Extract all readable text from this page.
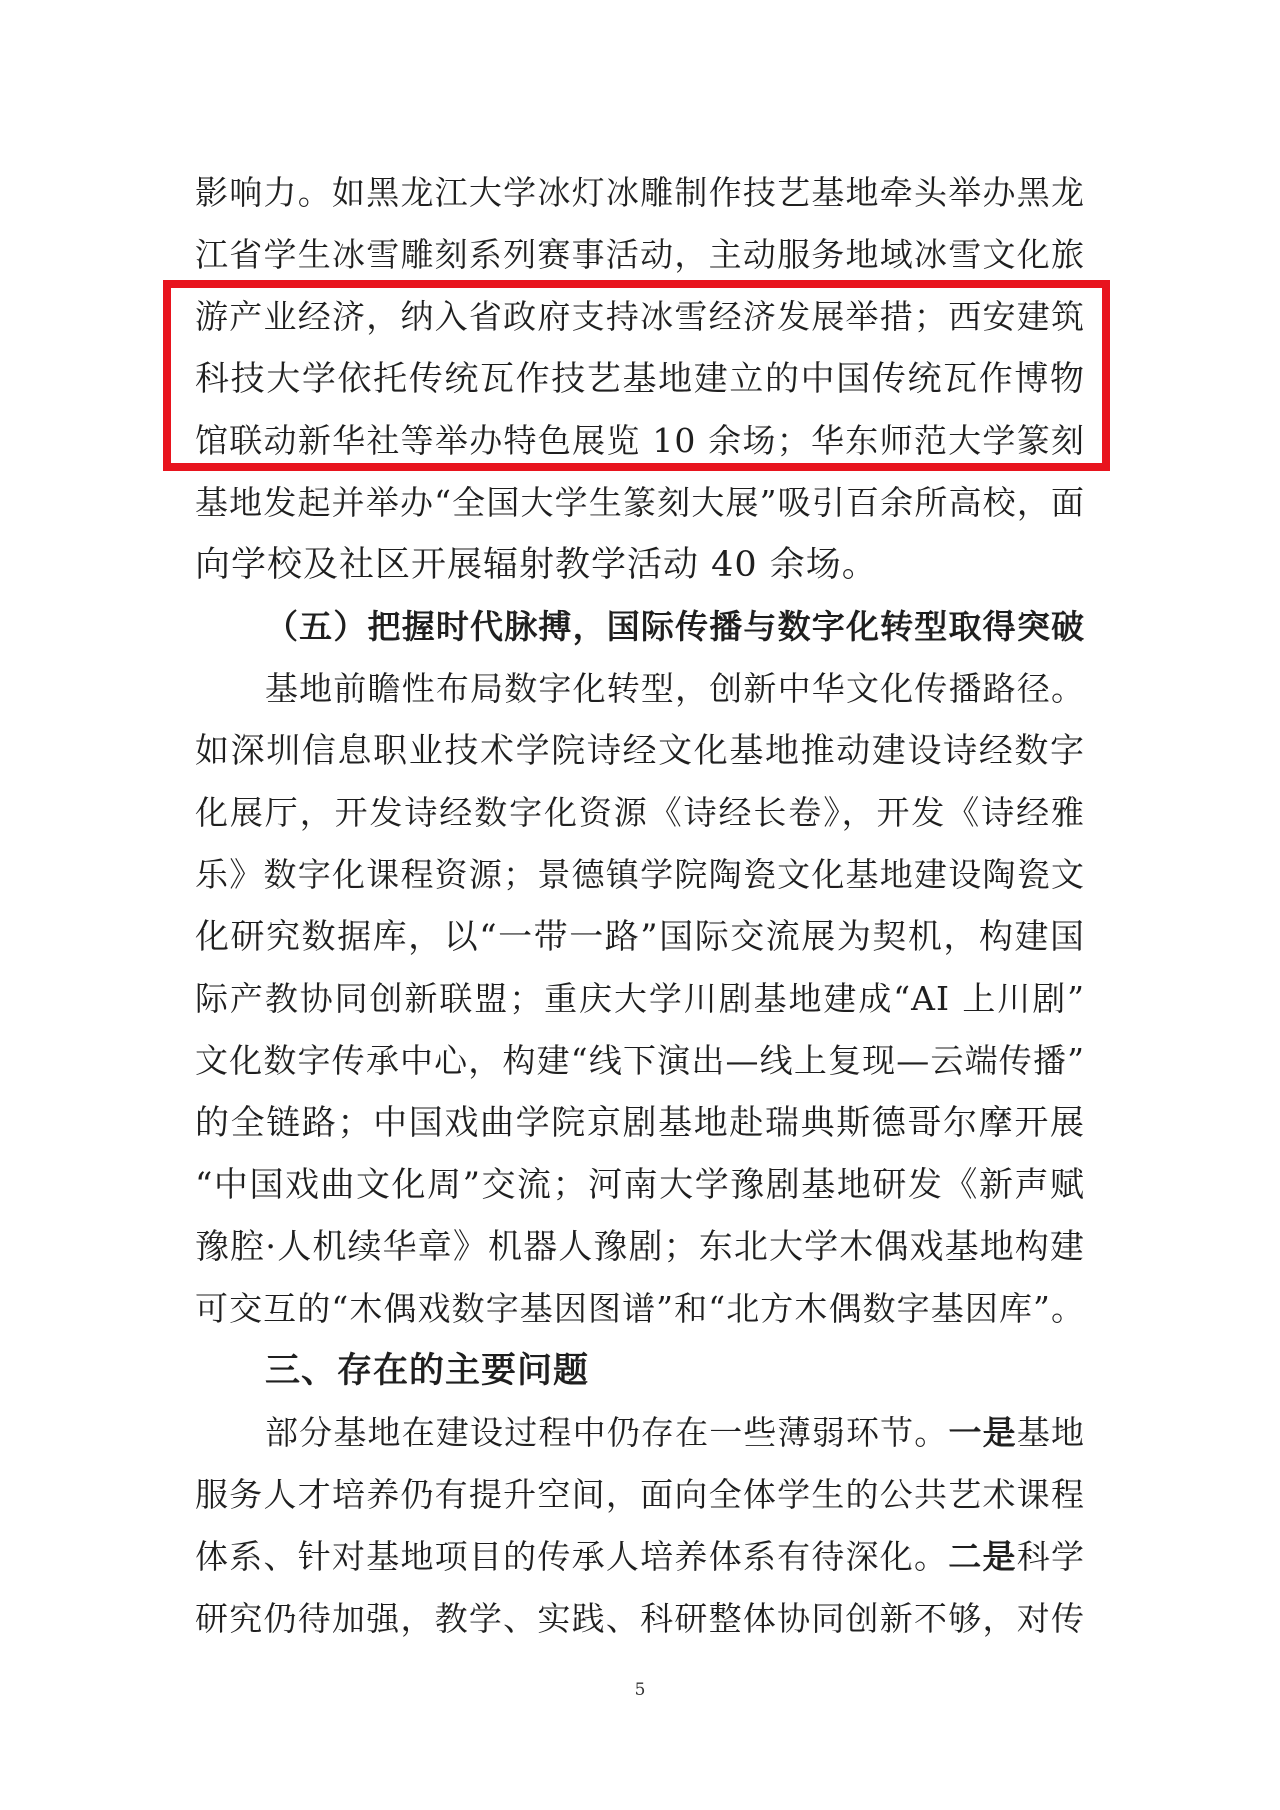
影响力。如黑龙江大学冰灯冰雕制作技艺基地牵头举办黑龙
江省学生冰雪雕刻系列赛事活动，主动服务地域冰雪文化旅
游产业经济，纳入省政府支持冰雪经济发展举措；西安建筑
科技大学依托传统瓦作技艺基地建立的中国传统瓦作博物
馆联动新华社等举办特色展览 10 余场；华东师范大学篆刻
基地发起并举办“全国大学生篆刻大展”吸引百余所高校，面
向学校及社区开展辐射教学活动 40 余场。
（五）把握时代脉搏，国际传播与数字化转型取得突破
基地前瞻性布局数字化转型，创新中华文化传播路径。
如深圳信息职业技术学院诗经文化基地推动建设诗经数字
化展厅，开发诗经数字化资源《诗经长卷》，开发《诗经雅
乐》数字化课程资源；景德镇学院陶瓷文化基地建设陶瓷文
化研究数据库，以“一带一路”国际交流展为契机，构建国
际产教协同创新联盟；重庆大学川剧基地建成“AI 上川剧”
文化数字传承中心，构建“线下演出—线上复现—云端传播”
的全链路；中国戏曲学院京剧基地赴瑞典斯德哥尔摩开展
“中国戏曲文化周”交流；河南大学豫剧基地研发《新声赋
豫腔·人机续华章》机器人豫剧；东北大学木偶戏基地构建
可交互的“木偶戏数字基因图谱”和“北方木偶数字基因库”。
三、存在的主要问题
部分基地在建设过程中仍存在一些薄弱环节。一是基地
服务人才培养仍有提升空间，面向全体学生的公共艺术课程
体系、针对基地项目的传承人培养体系有待深化。二是科学
研究仍待加强，教学、实践、科研整体协同创新不够，对传
5
